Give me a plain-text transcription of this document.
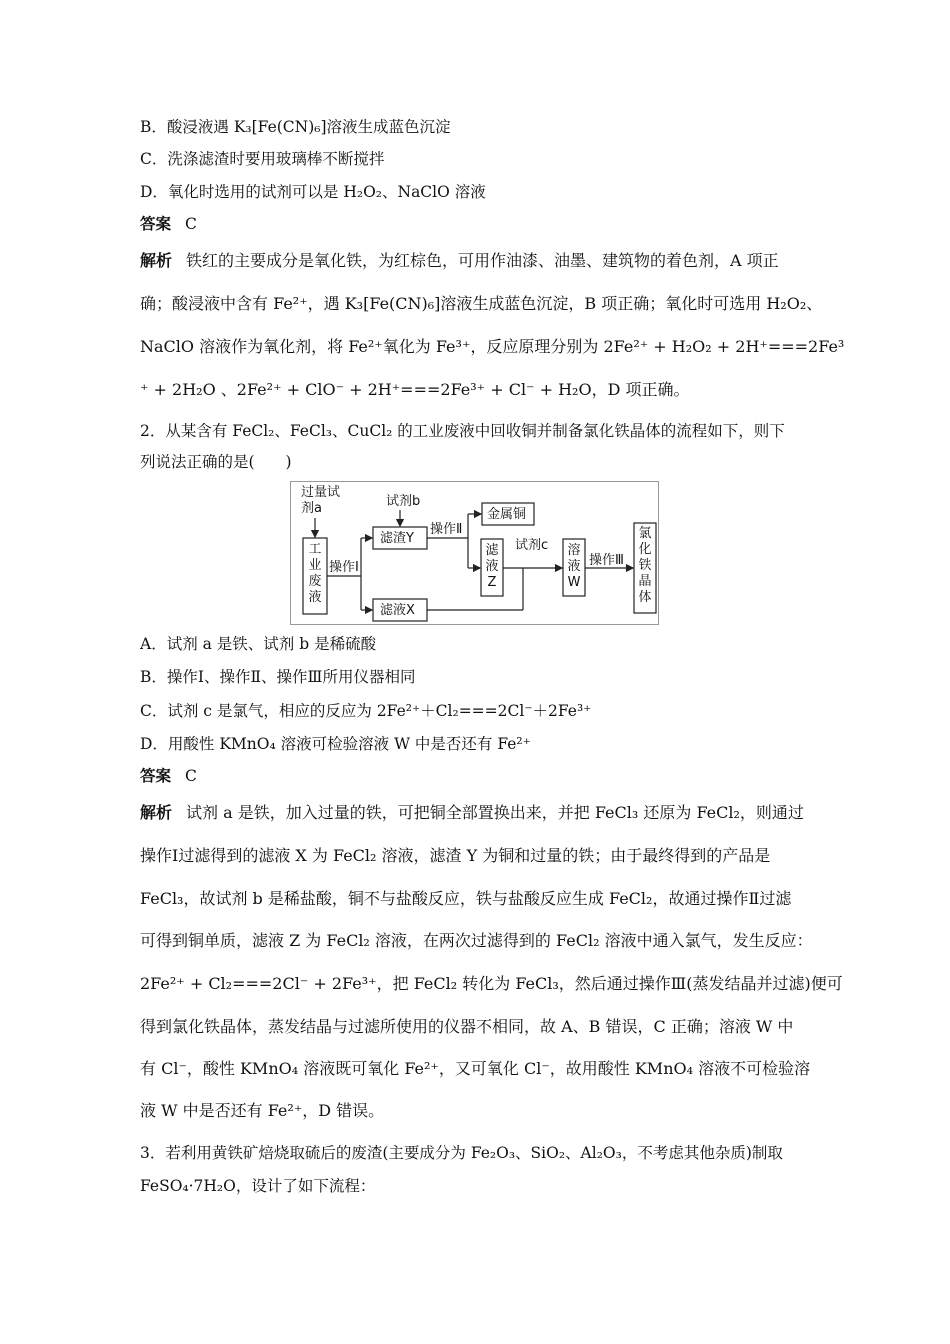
B．酸浸液遇 K₃[Fe(CN)₆]溶液生成蓝色沉淀
C．洗涤滤渣时要用玻璃棒不断搅拌
D．氧化时选用的试剂可以是 H₂O₂、NaClO 溶液
答案 C
解析 铁红的主要成分是氧化铁，为红棕色，可用作油漆、油墨、建筑物的着色剂，A 项正
确；酸浸液中含有 Fe²⁺，遇 K₃[Fe(CN)₆]溶液生成蓝色沉淀，B 项正确；氧化时可选用 H₂O₂、
NaClO 溶液作为氧化剂，将 Fe²⁺氧化为 Fe³⁺，反应原理分别为 2Fe²⁺ + H₂O₂ + 2H⁺===2Fe³
⁺ + 2H₂O 、2Fe²⁺ + ClO⁻ + 2H⁺===2Fe³⁺ + Cl⁻ + H₂O，D 项正确。
2．从某含有 FeCl₂、FeCl₃、CuCl₂ 的工业废液中回收铜并制备氯化铁晶体的流程如下，则下
列说法正确的是(　　)
过量试剂a
工业废液
操作Ⅰ
试剂b
滤渣Y
操作Ⅱ
金属铜
滤液Z
试剂c 溶液W
操作Ⅲ
氯化铁晶体
滤液X
A．试剂 a 是铁、试剂 b 是稀硫酸
B．操作Ⅰ、操作Ⅱ、操作Ⅲ所用仪器相同
C．试剂 c 是氯气，相应的反应为 2Fe²⁺＋Cl₂===2Cl⁻＋2Fe³⁺
D．用酸性 KMnO₄ 溶液可检验溶液 W 中是否还有 Fe²⁺
答案 C
解析 试剂 a 是铁，加入过量的铁，可把铜全部置换出来，并把 FeCl₃ 还原为 FeCl₂，则通过
操作Ⅰ过滤得到的滤液 X 为 FeCl₂ 溶液，滤渣 Y 为铜和过量的铁；由于最终得到的产品是
FeCl₃，故试剂 b 是稀盐酸，铜不与盐酸反应，铁与盐酸反应生成 FeCl₂，故通过操作Ⅱ过滤
可得到铜单质，滤液 Z 为 FeCl₂ 溶液，在两次过滤得到的 FeCl₂ 溶液中通入氯气，发生反应：
2Fe²⁺ + Cl₂===2Cl⁻ + 2Fe³⁺，把 FeCl₂ 转化为 FeCl₃，然后通过操作Ⅲ(蒸发结晶并过滤)便可
得到氯化铁晶体，蒸发结晶与过滤所使用的仪器不相同，故 A、B 错误，C 正确；溶液 W 中
有 Cl⁻，酸性 KMnO₄ 溶液既可氧化 Fe²⁺，又可氧化 Cl⁻，故用酸性 KMnO₄ 溶液不可检验溶
液 W 中是否还有 Fe²⁺，D 错误。
3．若利用黄铁矿焙烧取硫后的废渣(主要成分为 Fe₂O₃、SiO₂、Al₂O₃，不考虑其他杂质)制取
FeSO₄·7H₂O，设计了如下流程：
